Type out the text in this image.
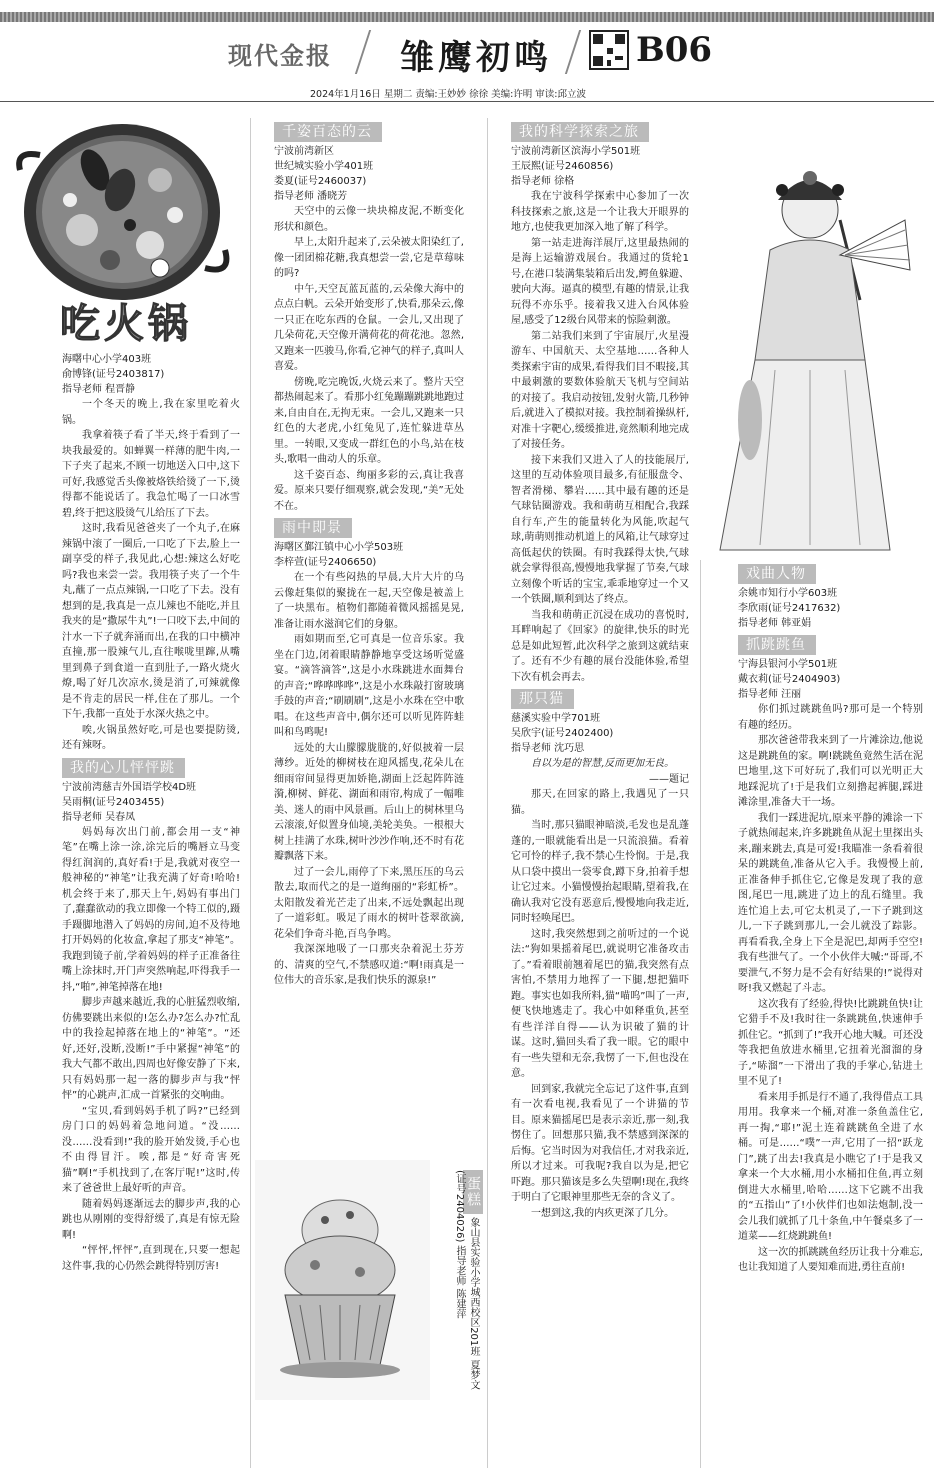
现代金报 雏鹰初鸣 B06
2024年1月16日 星期二 责编:王妙妙 徐徐 美编:许明 审读:邱立波
吃火锅
海曙中心小学403班
俞博锋(证号2403817)
指导老师 程晋静

一个冬天的晚上,我在家里吃着火锅。

我拿着筷子看了半天,终于看到了一块我最爱的。如蝉翼一样薄的肥牛肉,一下子夹了起来,不顾一切地送入口中,这下可好,我感觉舌头像被烙铁给烫了一下,烫得都不能说话了。我急忙喝了一口冰雪碧,终于把这股烫气儿给压了下去。

这时,我看见爸爸夹了一个丸子,在麻辣锅中滚了一圈后,一口吃了下去,脸上一副享受的样子,我见此,心想:辣这么好吃吗?我也来尝一尝。我用筷子夹了一个牛丸,蘸了一点点辣锅,一口吃了下去。没有想到的是,我真是一点儿辣也不能吃,并且我夹的是“撒尿牛丸”!一口咬下去,中间的汁水一下子就奔涌而出,在我的口中横冲直撞,那一股辣气儿,直往喉咙里蹿,从嘴里到鼻子到食道一直到肚子,一路火烧火燎,喝了好几次凉水,烫是消了,可辣就像是不肯走的居民一样,住在了那儿。一个下午,我都一直处于水深火热之中。

唉,火锅虽然好吃,可是也要提防烫,还有辣呀。

我的心儿怦怦跳
宁波前湾慈吉外国语学校4D班
吴雨桐(证号2403455)
指导老师 吴春凤

妈妈每次出门前,都会用一支“神笔”在嘴上涂一涂,涂完后的嘴唇立马变得红润润的,真好看!于是,我就对夜空一般神秘的“神笔”让我充满了好奇!哈哈!机会终于来了,那天上午,妈妈有事出门了,蠢蠢欲动的我立即像一个特工似的,蹑手蹑脚地潜入了妈妈的房间,迫不及待地打开妈妈的化妆盒,拿起了那支“神笔”。我跑到镜子前,学着妈妈的样子正准备往嘴上涂抹时,开门声突然响起,吓得我手一抖,“啪”,神笔掉落在地!

脚步声越来越近,我的心脏猛烈收缩,仿佛要跳出来似的!怎么办?怎么办?忙乱中的我捡起掉落在地上的“神笔”。“还好,还好,没断,没断!”手中紧握“神笔”的我大气都不敢出,四周也好像安静了下来,只有妈妈那一起一落的脚步声与我“怦怦”的心跳声,汇成一首紧张的交响曲。

“宝贝,看到妈妈手机了吗?”已经到房门口的妈妈着急地问道。“没……没……没看到!”我的脸开始发烫,手心也不由得冒汗。唉,都是“好奇害死猫”啊!“手机找到了,在客厅呢!”这时,传来了爸爸世上最好听的声音。

随着妈妈逐渐远去的脚步声,我的心跳也从刚刚的变得舒缓了,真是有惊无险啊!

“怦怦,怦怦”,直到现在,只要一想起这件事,我的心仍然会跳得特别厉害!

千姿百态的云
宁波前湾新区
世纪城实验小学401班
娄夏(证号2460037)
指导老师 潘晓芳

天空中的云像一块块棉皮泥,不断变化形状和颜色。

早上,太阳升起来了,云朵被太阳染红了,像一团团棉花糖,我真想尝一尝,它是草莓味的吗?

中午,天空瓦蓝瓦蓝的,云朵像大海中的点点白帆。云朵开始变形了,快看,那朵云,像一只正在吃东西的仓鼠。一会儿,又出现了几朵荷花,天空像开满荷花的荷花池。忽然,又跑来一匹骏马,你看,它神气的样子,真叫人喜爱。

傍晚,吃完晚饭,火烧云来了。整片天空都热闹起来了。看那小红兔蹦蹦跳跳地跑过来,自由自在,无拘无束。一会儿,又跑来一只红色的大老虎,小红兔见了,连忙躲进草丛里。一转眼,又变成一群红色的小鸟,站在枝头,歌唱一曲动人的乐章。

这千姿百态、绚丽多彩的云,真让我喜爱。原来只要仔细观察,就会发现,“美”无处不在。

雨中即景
海曙区鄞江镇中心小学503班
李梓萱(证号2406650)

在一个有些闷热的早晨,大片大片的乌云像赶集似的聚拢在一起,天空像是被盖上了一块黑布。植物们都随着微风摇摇晃晃,准备让雨水滋润它们的身躯。

雨如期而至,它可真是一位音乐家。我坐在门边,闭着眼睛静静地享受这场听觉盛宴。“滴答滴答”,这是小水珠跳进水面舞台的声音;“哗哗哗哗”,这是小水珠敲打窗玻璃手鼓的声音;“刷刷刷”,这是小水珠在空中歌唱。在这些声音中,偶尔还可以听见阵阵蛙叫和鸟鸣呢!

远处的大山朦朦胧胧的,好似披着一层薄纱。近处的柳树枝在迎风摇曳,花朵儿在细雨帘间显得更加娇艳,湖面上泛起阵阵涟漪,柳树、鲜花、湖面和雨帘,构成了一幅唯美、迷人的雨中风景画。后山上的树林里乌云滚滚,好似置身仙境,美轮美奂。一根根大树上挂满了水珠,树叶沙沙作响,还不时有花瓣飘落下来。

过了一会儿,雨停了下来,黑压压的乌云散去,取而代之的是一道绚丽的“彩虹桥”。太阳散发着光芒走了出来,不远处飘起出现了一道彩虹。吸足了雨水的树叶苍翠欲滴,花朵们争奇斗艳,百鸟争鸣。

我深深地吸了一口那夹杂着泥土芬芳的、清爽的空气,不禁感叹道:“啊!雨真是一位伟大的音乐家,是我们快乐的源泉!”

蛋糕 象山县实验小学城西校区201班 夏梦文(证号2404026) 指导老师 陈建萍
我的科学探索之旅
宁波前湾新区滨海小学501班
王辰熙(证号2460856)
指导老师 徐格

我在宁波科学探索中心参加了一次科技探索之旅,这是一个让我大开眼界的地方,也使我更加深入地了解了科学。

第一站走进海洋展厅,这里最热闹的是海上运输游戏展台。我通过的货轮1号,在港口装满集装箱后出发,鳄鱼躲避、驶向大海。逼真的模型,有趣的情景,让我玩得不亦乐乎。接着我又进入台风体验屋,感受了12级台风带来的惊险刺激。

第二站我们来到了宇宙展厅,火星漫游车、中国航天、太空基地……各种人类探索宇宙的成果,看得我们目不暇接,其中最刺激的要数体验航天飞机与空间站的对接了。我启动按钮,发射火箭,几秒钟后,就进入了模拟对接。我控制着操纵杆,对准十字靶心,缓缓推进,竟然顺利地完成了对接任务。

接下来我们又进入了人的技能展厅,这里的互动体验项目最多,有征服盘令、智者滑梯、攀岩……其中最有趣的还是气球钻圈游戏。我和萌萌互相配合,我踩自行车,产生的能量转化为风能,吹起气球,萌萌则推动机道上的风箱,让气球穿过高低起伏的铁圈。有时我踩得太快,气球就会掌得很高,慢慢地我掌握了节奏,气球立刻像个听话的宝宝,乖乖地穿过一个又一个铁圈,顺利到达了终点。

当我和萌萌正沉浸在成功的喜悦时,耳畔响起了《回家》的旋律,快乐的时光总是如此短暂,此次科学之旅到这就结束了。还有不少有趣的展台没能体验,希望下次有机会再去。

那只猫
慈溪实验中学701班
吴欣宇(证号2402400)
指导老师 沈巧思

自以为是的智慧,反而更加无良。

——题记

那天,在回家的路上,我遇见了一只猫。

当时,那只猫眼神暗淡,毛发也是乱蓬蓬的,一眼就能看出是一只流浪猫。看着它可怜的样子,我不禁心生怜悯。于是,我从口袋中摸出一袋零食,蹲下身,拍着手想让它过来。小猫慢慢抬起眼睛,望着我,在确认我对它没有恶意后,慢慢地向我走近,同时轻唤尾巴。

这时,我突然想到之前听过的一个说法:“狗如果摇着尾巴,就说明它准备攻击了。”看着眼前翘着尾巴的猫,我突然有点害怕,不禁用力地挥了一下腿,想把猫吓跑。事实也如我所料,猫“喵呜”叫了一声,便飞快地逃走了。我心中如释重负,甚至有些洋洋自得——认为识破了猫的计谋。这时,猫回头看了我一眼。它的眼中有一些失望和无奈,我愣了一下,但也没在意。

回到家,我就完全忘记了这件事,直到有一次看电视,我看见了一个讲猫的节目。原来猫摇尾巴是表示亲近,那一刻,我愣住了。回想那只猫,我不禁感到深深的后悔。它当时因为对我信任,才对我亲近,所以才过来。可我呢?我自以为是,把它吓跑。那只猫该是多么失望啊!现在,我终于明白了它眼神里那些无奈的含义了。

一想到这,我的内疚更深了几分。

戏曲人物
余姚市知行小学603班
李欣雨(证号2417632)
指导老师 韩亚娟
抓跳跳鱼
宁海县银河小学501班
戴衣莉(证号2404903)
指导老师 汪丽

你们抓过跳跳鱼吗?那可是一个特别有趣的经历。

那次爸爸带我来到了一片滩涂边,他说这是跳跳鱼的家。啊!跳跳鱼竟然生活在泥巴地里,这下可好玩了,我们可以光明正大地踩泥坑了!于是我们立刻撸起裤腿,踩进滩涂里,准备大干一场。

我们一踩进泥坑,原来平静的滩涂一下子就热闹起来,许多跳跳鱼从泥土里探出头来,蹦来跳去,真是可爱!我瞄准一条看着很呆的跳跳鱼,准备从它入手。我慢慢上前,正准备伸手抓住它,它像是发现了我的意图,尾巴一甩,跳进了边上的乱石缝里。我连忙追上去,可它太机灵了,一下子跳到这儿,一下子跳到那儿,一会儿就没了踪影。再看看我,全身上下全是泥巴,却两手空空!我有些泄气了。一个小伙伴大喊:“哥哥,不要泄气,不努力是不会有好结果的!”说得对呀!我又燃起了斗志。

这次我有了经验,得快!比跳跳鱼快!让它猎手不及!我时往一条跳跳鱼,快速伸手抓住它。“抓到了!”我开心地大喊。可还没等我把鱼放进水桶里,它扭着光溜溜的身子,“哧溜”一下滑出了我的手掌心,钻进土里不见了!

看来用手抓是行不通了,我得借点工具用用。我拿来一个桶,对准一条鱼盖住它,再一掏,“耶!”泥土连着跳跳鱼全进了水桶。可是……“噗”一声,它用了一招“跃龙门”,跳了出去!我真是小瞧它了!于是我又拿来一个大水桶,用小水桶扣住鱼,再立刻倒进大水桶里,哈哈……这下它跳不出我的“五指山”了!小伙伴们也如法炮制,没一会儿我们就抓了几十条鱼,中午餐桌多了一道菜——红烧跳跳鱼!

这一次的抓跳跳鱼经历让我十分难忘,也让我知道了人要知难而进,勇往直前!
